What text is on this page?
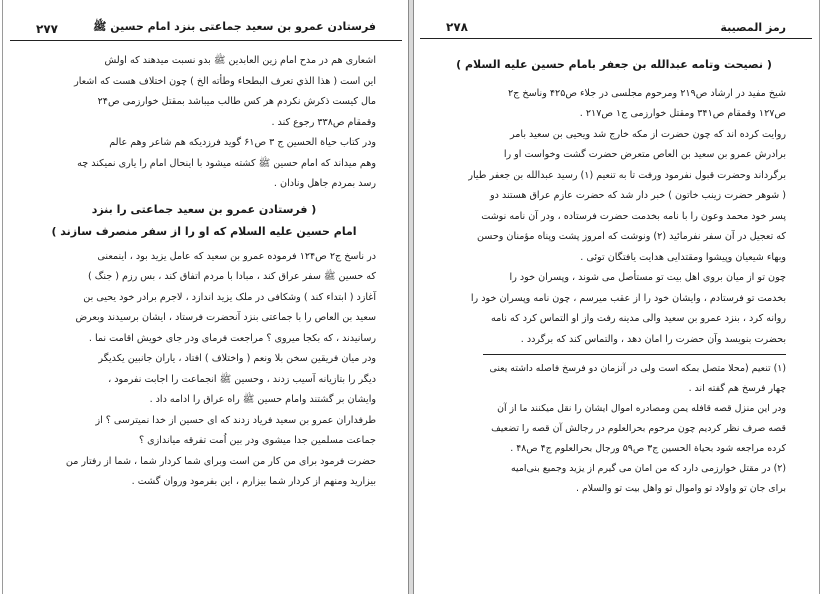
فرستادن عمرو بن سعید جماعتی بنزد امام حسین ﷺ
٢٧٧

اشعاری هم در مدح امام زین العابدین ﷺ بدو نسبت میدهند که اولش

این است ( هذا الذي تعرف البطحاء وطأته الخ ) چون اختلاف هست که اشعار

مال کیست ذکرش نکردم هر کس طالب میباشد بمقتل خوارزمی ص۲۴

وقمقام ص۳۳۸ رجوع کند .

ودر کتاب حیاة الحسین ج ۳ ص۶۱ گوید فرزدیکه هم شاعر وهم عالم

وهم میداند که امام حسین ﷺ کشته میشود با اینحال امام را یاری نمیکند چه

رسد بمردم جاهل ونادان .

( فرستادن عمرو بن سعید جماعتی را بنزد
امام حسین علیه السلام که او را از سفر منصرف سازند )

در ناسخ ج۲ ص۱۲۴ فرموده عمرو بن سعید که عامل یزید بود ، اینمعنی

که حسین ﷺ سفر عراق کند ، مبادا با مردم اتفاق کند ، بس رزم ( جنگ )

آغازد ( ابتداء کند ) وشکافی در ملک یزید اندازد ، لاجرم برادر خود یحیی بن

سعید بن العاص را با جماعتی بنزد آنحضرت فرستاد ، ایشان برسیدند وبعرض

رسانیدند ، که بکجا میروی ؟ مراجعت فرمای ودر جای خویش اقامت نما .

ودر میان فریقین سخن بلا ونعم ( واختلاف ) افتاد ، یاران جانبین یکدیگر

دیگر را بتازیانه آسیب زدند ، وحسین ﷺ انجماعت را اجابت نفرمود ،

وایشان بر گشتند وامام حسین ﷺ راه عراق را ادامه داد .

طرفداران عمرو بن سعید فریاد زدند که ای حسین از خدا نمیترسی ؟ از

جماعت مسلمین جدا میشوی ودر بین اُمت تفرقه میاندازی ؟

حضرت فرمود برای من کار من است وبرای شما کردار شما ، شما از رفتار من

بیزارید ومنهم از کردار شما بیزارم ، این بفرمود وروان گشت .

رمز المصيبة
٢٧٨
( نصیحت وتامه عبدالله بن جعفر بامام حسین علیه السلام )

شیخ مفید در ارشاد ص۲۱۹ ومرحوم مجلسی در جلاء ص۴۲۵ وناسخ ج۲

ص۱۲۷ وقمقام ص۳۴۱ ومقتل خوارزمی ج۱ ص۲۱۷ .

روایت کرده اند که چون حضرت از مکه خارج شد ویحیی بن سعید بامر

برادرش عمرو بن سعید بن العاص متعرض حضرت گشت وخواست او را

برگرداند وحضرت قبول نفرمود ورفت تا به تنعیم (۱) رسید عبدالله بن جعفر طیار

( شوهر حضرت زینب خاتون ) خبر دار شد که حضرت عازم عراق هستند دو

پسر خود محمد وعون را با نامه بخدمت حضرت فرستاده ، ودر آن نامه نوشت

که تعجیل در آن سفر نفرمائید (۲) ونوشت که امروز پشت وپناه مؤمنان وحسن

وبهاء شیعیان وپیشوا ومقتدایی هدایت یافتگان توئی .

چون تو از میان بروی اهل بیت تو مستأصل می شوند ، وپسران خود را

بخدمت تو فرستادم ، وایشان خود را از عقب میرسم ، چون نامه وپسران خود را

روانه کرد ، بنزد عمرو بن سعید والی مدینه رفت واز او التماس کرد که نامه

بحضرت بنویسد وآن حضرت را امان دهد ، والتماس کند که برگردد .

(۱) تنعیم (محلا متصل بمکه است ولی در آنزمان دو فرسخ فاصله داشته یعنی

چهار فرسخ هم گفته اند .

ودر این منزل قصه قافله یمن ومصادره اموال ایشان را نقل میکنند ما از آن

قصه صرف نظر کردیم چون مرحوم بحرالعلوم در رجالش آن قصه را تضعیف

کرده مراجعه شود بحیاة الحسین ج۳ ص۵۹ ورجال بحرالعلوم ج۴ ص۴۸ .

(۲) در مقتل خوارزمی دارد که من امان می گیرم از یزید وجمیع بنی‌امیه

برای جان تو واولاد تو واموال تو واهل بیت تو والسلام .
